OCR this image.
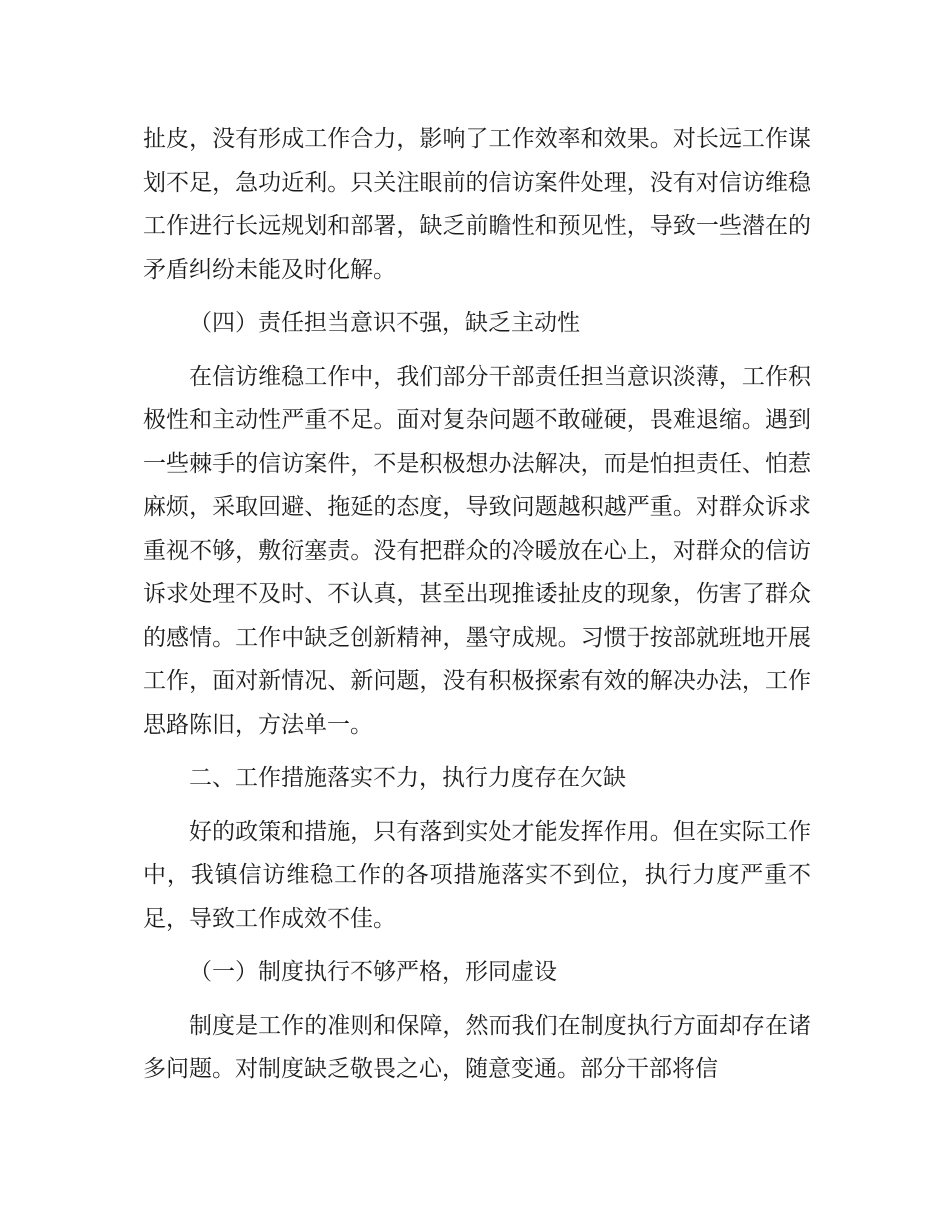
扯皮，没有形成工作合力，影响了工作效率和效果。对长远工作谋划不足，急功近利。只关注眼前的信访案件处理，没有对信访维稳工作进行长远规划和部署，缺乏前瞻性和预见性，导致一些潜在的矛盾纠纷未能及时化解。

（四）责任担当意识不强，缺乏主动性

在信访维稳工作中，我们部分干部责任担当意识淡薄，工作积极性和主动性严重不足。面对复杂问题不敢碰硬，畏难退缩。遇到一些棘手的信访案件，不是积极想办法解决，而是怕担责任、怕惹麻烦，采取回避、拖延的态度，导致问题越积越严重。对群众诉求重视不够，敷衍塞责。没有把群众的冷暖放在心上，对群众的信访诉求处理不及时、不认真，甚至出现推诿扯皮的现象，伤害了群众的感情。工作中缺乏创新精神，墨守成规。习惯于按部就班地开展工作，面对新情况、新问题，没有积极探索有效的解决办法，工作思路陈旧，方法单一。

二、工作措施落实不力，执行力度存在欠缺

好的政策和措施，只有落到实处才能发挥作用。但在实际工作中，我镇信访维稳工作的各项措施落实不到位，执行力度严重不足，导致工作成效不佳。

（一）制度执行不够严格，形同虚设

制度是工作的准则和保障，然而我们在制度执行方面却存在诸多问题。对制度缺乏敬畏之心，随意变通。部分干部将信
